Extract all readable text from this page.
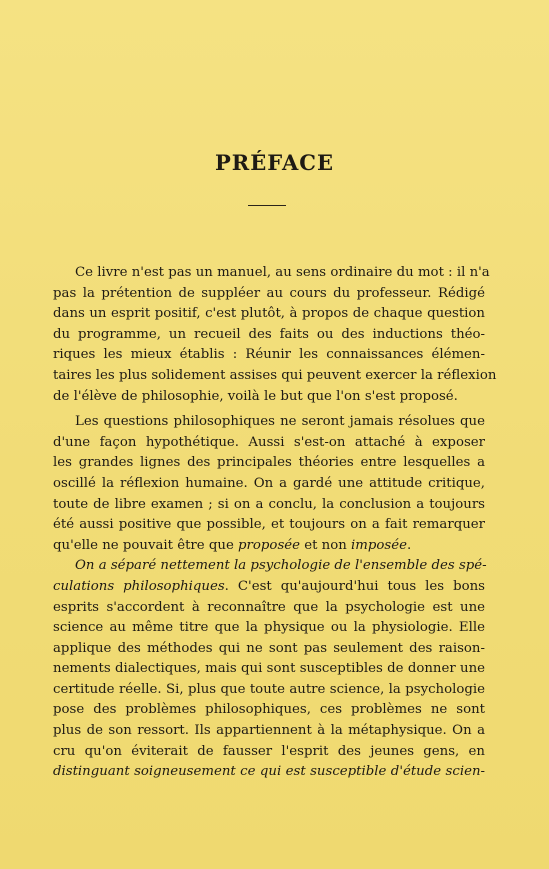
PRÉFACE
Ce livre n'est pas un manuel, au sens ordinaire du mot : il n'a
pas la prétention de suppléer au cours du professeur. Rédigé
dans un esprit positif, c'est plutôt, à propos de chaque question
du programme, un recueil des faits ou des inductions théo-
riques les mieux établis : Réunir les connaissances élémen-
taires les plus solidement assises qui peuvent exercer la réflexion
de l'élève de philosophie, voilà le but que l'on s'est proposé.
Les questions philosophiques ne seront jamais résolues que
d'une façon hypothétique. Aussi s'est-on attaché à exposer
les grandes lignes des principales théories entre lesquelles a
oscillé la réflexion humaine. On a gardé une attitude critique,
toute de libre examen ; si on a conclu, la conclusion a toujours
été aussi positive que possible, et toujours on a fait remarquer
qu'elle ne pouvait être que proposée et non imposée.
On a séparé nettement la psychologie de l'ensemble des spé-
culations philosophiques. C'est qu'aujourd'hui tous les bons
esprits s'accordent à reconnaître que la psychologie est une
science au même titre que la physique ou la physiologie. Elle
applique des méthodes qui ne sont pas seulement des raison-
nements dialectiques, mais qui sont susceptibles de donner une
certitude réelle. Si, plus que toute autre science, la psychologie
pose des problèmes philosophiques, ces problèmes ne sont
plus de son ressort. Ils appartiennent à la métaphysique. On a
cru qu'on éviterait de fausser l'esprit des jeunes gens, en
distinguant soigneusement ce qui est susceptible d'étude scien-
